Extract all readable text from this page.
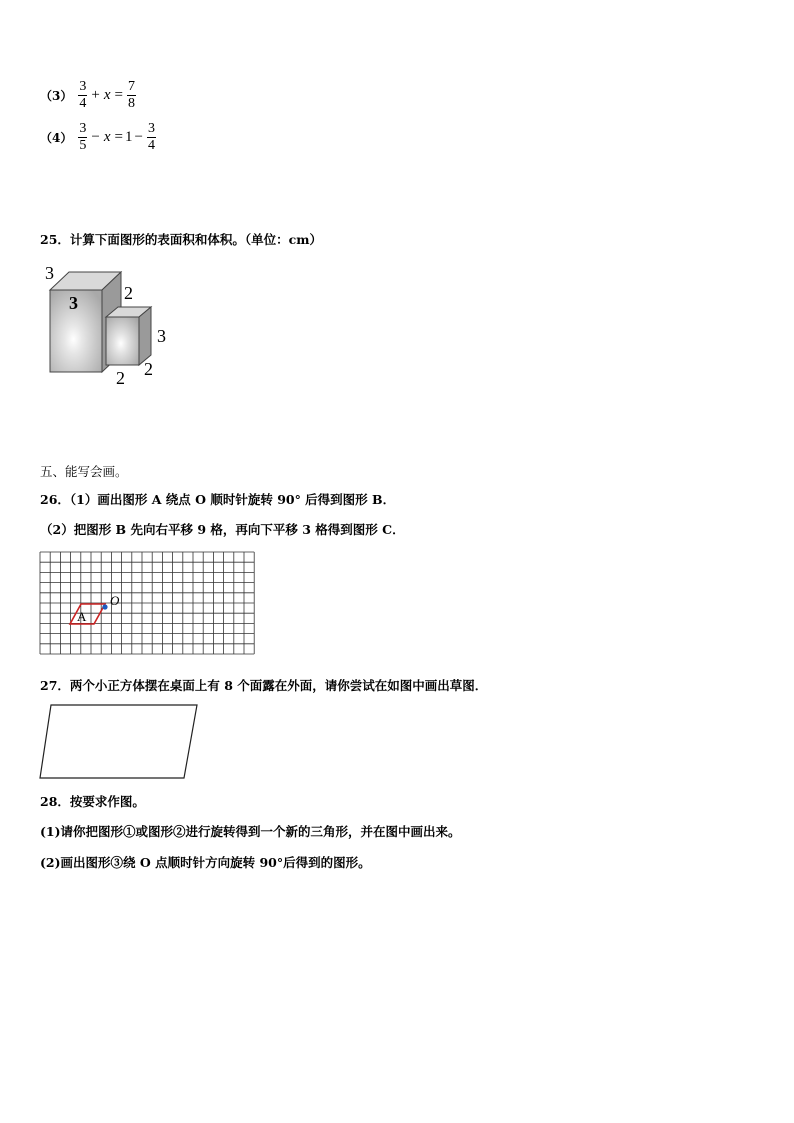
$(3) \frac{3}{4} + x = \frac{7}{8}$
$(4) \frac{3}{5} - x = 1 - \frac{3}{4}$
25．计算下面图形的表面积和体积。（单位：cm）
3
3	2
3
2 2
五、能写会画。
26．（1）画出图形 A 绕点 O 顺时针旋转 90° 后得到图形 B．
（2）把图形 B 先向右平移 9 格，再向下平移 3 格得到图形 C．
O
A
27．两个小正方体摆在桌面上有 8 个面露在外面，请你尝试在如图中画出草图．
28．按要求作图。
(1)请你把图形①或图形②进行旋转得到一个新的三角形，并在图中画出来。
(2)画出图形③绕 O 点顺时针方向旋转 90°后得到的图形。
